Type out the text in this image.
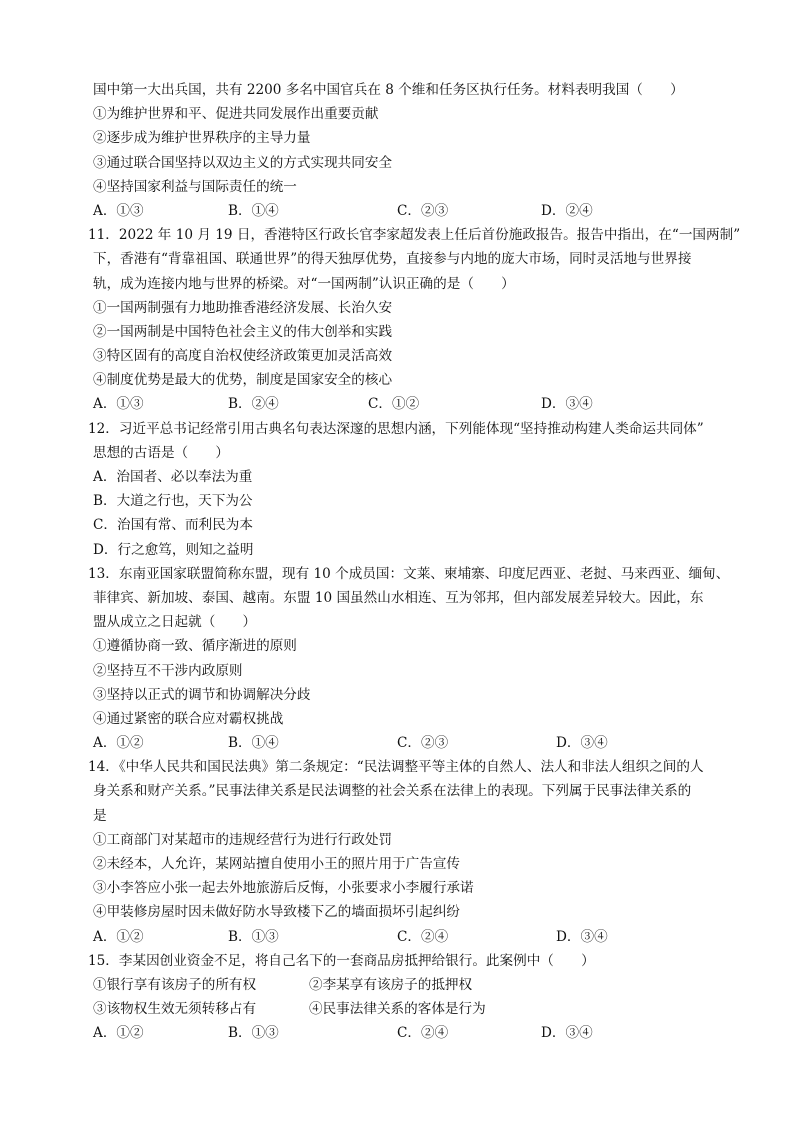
国中第一大出兵国，共有 2200 多名中国官兵在 8 个维和任务区执行任务。材料表明我国（　　）
①为维护世界和平、促进共同发展作出重要贡献
②逐步成为维护世界秩序的主导力量
③通过联合国坚持以双边主义的方式实现共同安全
④坚持国家利益与国际责任的统一
A．①③	B．①④	C．②③	D．②④
11．2022 年 10 月 19 日，香港特区行政长官李家超发表上任后首份施政报告。报告中指出，在“一国两制”
下，香港有“背靠祖国、联通世界”的得天独厚优势，直接参与内地的庞大市场，同时灵活地与世界接
轨，成为连接内地与世界的桥梁。对“一国两制”认识正确的是（　　）
①一国两制强有力地助推香港经济发展、长治久安
②一国两制是中国特色社会主义的伟大创举和实践
③特区固有的高度自治权使经济政策更加灵活高效
④制度优势是最大的优势，制度是国家安全的核心
A．①③	B．②④	C．①②	D．③④
12．习近平总书记经常引用古典名句表达深邃的思想内涵，下列能体现“坚持推动构建人类命运共同体”
思想的古语是（　　）
A．治国者、必以奉法为重
B．大道之行也，天下为公
C．治国有常、而利民为本
D．行之愈笃，则知之益明
13．东南亚国家联盟简称东盟，现有 10 个成员国：文莱、柬埔寨、印度尼西亚、老挝、马来西亚、缅甸、
菲律宾、新加坡、泰国、越南。东盟 10 国虽然山水相连、互为邻邦，但内部发展差异较大。因此，东
盟从成立之日起就（　　）
①遵循协商一致、循序渐进的原则
②坚持互不干涉内政原则
③坚持以正式的调节和协调解决分歧
④通过紧密的联合应对霸权挑战
A．①②	B．①④	C．②③	D．③④
14．《中华人民共和国民法典》第二条规定：“民法调整平等主体的自然人、法人和非法人组织之间的人
身关系和财产关系。”民事法律关系是民法调整的社会关系在法律上的表现。下列属于民事法律关系的
是
①工商部门对某超市的违规经营行为进行行政处罚
②未经本，人允许，某网站擅自使用小王的照片用于广告宣传
③小李答应小张一起去外地旅游后反悔，小张要求小李履行承诺
④甲装修房屋时因未做好防水导致楼下乙的墙面损坏引起纠纷
A．①②	B．①③	C．②④	D．③④
15．李某因创业资金不足，将自己名下的一套商品房抵押给银行。此案例中（　　）
①银行享有该房子的所有权	②李某享有该房子的抵押权
③该物权生效无须转移占有	④民事法律关系的客体是行为
A．①②	B．①③	C．②④	D．③④
